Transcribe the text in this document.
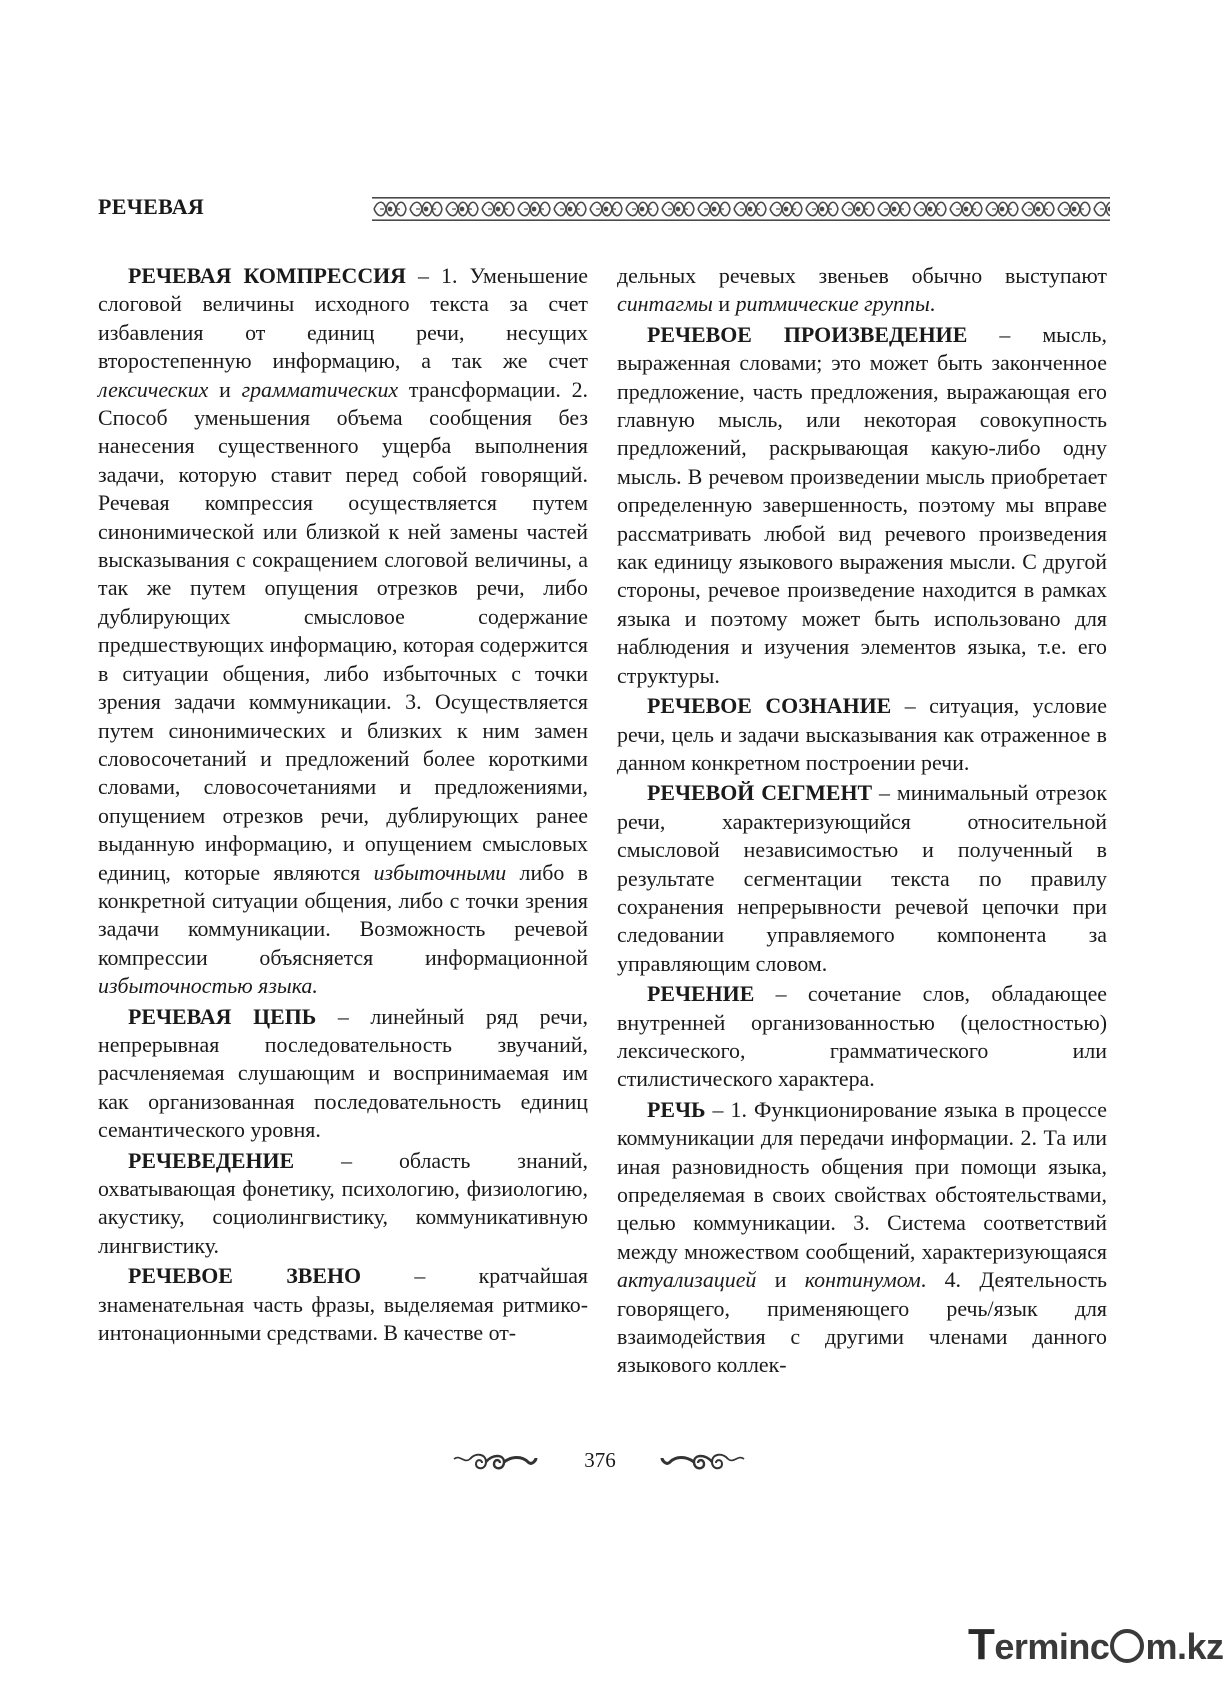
РЕЧЕВАЯ

РЕЧЕВАЯ КОМПРЕССИЯ – 1. Уменьшение слоговой величины исходного текста за счет избавления от единиц речи, несущих второстепенную информацию, а так же счет лексических и грамматических трансформации. 2. Способ уменьшения объема сообщения без нанесения существенного ущерба выполнения задачи, которую ставит перед собой говорящий. Речевая компрессия осуществляется путем синонимической или близкой к ней замены частей высказывания с сокращением слоговой величины, а так же путем опущения отрезков речи, либо дублирующих смысловое содержание предшествующих информацию, которая содержится в ситуации общения, либо избыточных с точки зрения задачи коммуникации. 3. Осуществляется путем синонимических и близких к ним замен словосочетаний и предложений более короткими словами, словосочетаниями и предложениями, опущением отрезков речи, дублирующих ранее выданную информацию, и опущением смысловых единиц, которые являются избыточными либо в конкретной ситуации общения, либо с точки зрения задачи коммуникации. Возможность речевой компрессии объясняется информационной избыточностью языка.

РЕЧЕВАЯ ЦЕПЬ – линейный ряд речи, непрерывная последовательность звучаний, расчленяемая слушающим и воспринимаемая им как организованная последовательность единиц семантического уровня.

РЕЧЕВЕДЕНИЕ – область знаний, охватывающая фонетику, психологию, физиологию, акустику, социолингвистику, коммуникативную лингвистику.

РЕЧЕВОЕ ЗВЕНО – кратчайшая знаменательная часть фразы, выделяемая ритмико-интонационными средствами. В качестве от-

дельных речевых звеньев обычно выступают синтагмы и ритмические группы.

РЕЧЕВОЕ ПРОИЗВЕДЕНИЕ – мысль, выраженная словами; это может быть законченное предложение, часть предложения, выражающая его главную мысль, или некоторая совокупность предложений, раскрывающая какую-либо одну мысль. В речевом произведении мысль приобретает определенную завершенность, поэтому мы вправе рассматривать любой вид речевого произведения как единицу языкового выражения мысли. С другой стороны, речевое произведение находится в рамках языка и поэтому может быть использовано для наблюдения и изучения элементов языка, т.е. его структуры.

РЕЧЕВОЕ СОЗНАНИЕ – ситуация, условие речи, цель и задачи высказывания как отраженное в данном конкретном построении речи.

РЕЧЕВОЙ СЕГМЕНТ – минимальный отрезок речи, характеризующийся относительной смысловой независимостью и полученный в результате сегментации текста по правилу сохранения непрерывности речевой цепочки при следовании управляемого компонента за управляющим словом.

РЕЧЕНИЕ – сочетание слов, обладающее внутренней организованностью (целостностью) лексического, грамматического или стилистического характера.

РЕЧЬ – 1. Функционирование языка в процессе коммуникации для передачи информации. 2. Та или иная разновидность общения при помощи языка, определяемая в своих свойствах обстоятельствами, целью коммуникации. 3. Система соответствий между множеством сообщений, характеризующаяся актуализацией и континумом. 4. Деятельность говорящего, применяющего речь/язык для взаимодействия с другими членами данного языкового коллек-

376
Terminc m.kz
